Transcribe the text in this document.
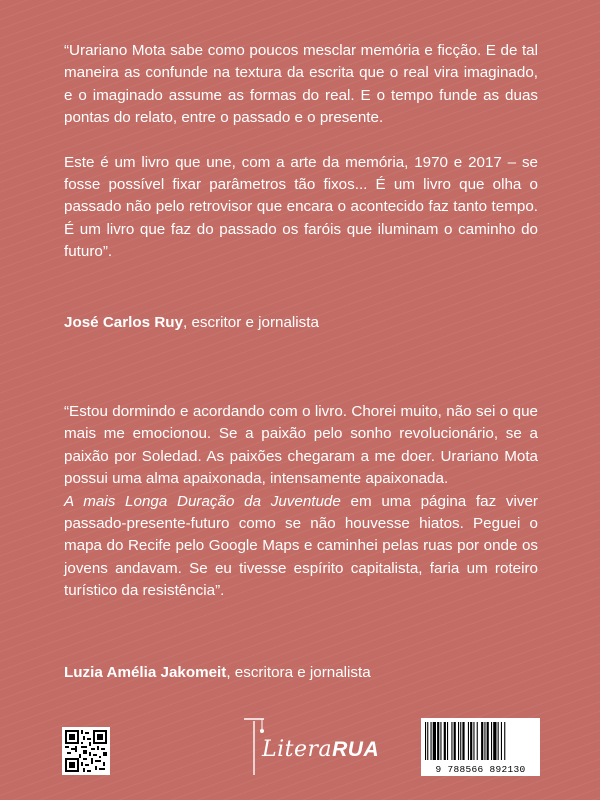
“Urariano Mota sabe como poucos mesclar memória e ficção. E de tal maneira as confunde na textura da escrita que o real vira imaginado, e o imaginado assume as formas do real. E o tempo funde as duas pontas do relato, entre o passado e o presente.

Este é um livro que une, com a arte da memória, 1970 e 2017 – se fosse possível fixar parâmetros tão fixos... É um livro que olha o passado não pelo retrovisor que encara o acontecido faz tanto tempo. É um livro que faz do passado os faróis que iluminam o caminho do futuro”.

José Carlos Ruy, escritor e jornalista

“Estou dormindo e acordando com o livro. Chorei muito, não sei o que mais me emocionou. Se a paixão pelo sonho revolucionário, se a paixão por Soledad. As paixões chegaram a me doer. Urariano Mota possui uma alma apaixonada, intensamente apaixonada.
A mais Longa Duração da Juventude em uma página faz viver passado-presente-futuro como se não houvesse hiatos. Peguei o mapa do Recife pelo Google Maps e caminhei pelas ruas por onde os jovens andavam. Se eu tivesse espírito capitalista, faria um roteiro turístico da resistência”.

Luzia Amélia Jakomeit, escritora e jornalista
LiteraRUA
9 788566 892130
